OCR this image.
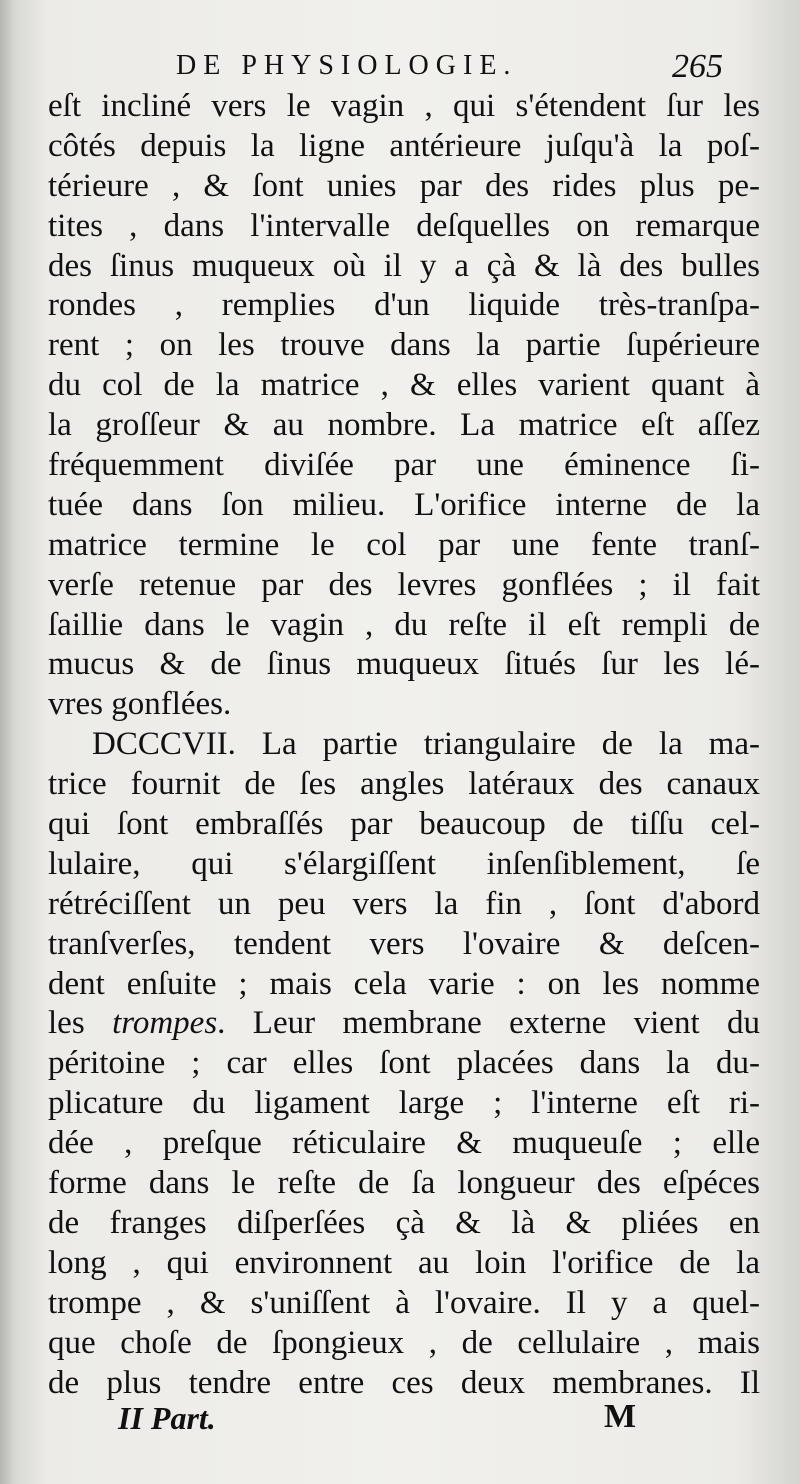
DE PHYSIOLOGIE.	265
eſt incliné vers le vagin , qui s'étendent ſur les
côtés depuis la ligne antérieure juſqu'à la poſ-
térieure , & ſont unies par des rides plus pe-
tites , dans l'intervalle deſquelles on remarque
des ſinus muqueux où il y a çà & là des bulles
rondes , remplies d'un liquide très-tranſpa-
rent ; on les trouve dans la partie ſupérieure
du col de la matrice , & elles varient quant à
la groſſeur & au nombre. La matrice eſt aſſez
fréquemment diviſée par une éminence ſi-
tuée dans ſon milieu. L'orifice interne de la
matrice termine le col par une fente tranſ-
verſe retenue par des levres gonflées ; il fait
ſaillie dans le vagin , du reſte il eſt rempli de
mucus & de ſinus muqueux ſitués ſur les lé-
vres gonflées.
DCCCVII. La partie triangulaire de la ma-
trice fournit de ſes angles latéraux des canaux
qui ſont embraſſés par beaucoup de tiſſu cel-
lulaire, qui s'élargiſſent inſenſiblement, ſe
rétréciſſent un peu vers la fin , ſont d'abord
tranſverſes, tendent vers l'ovaire & deſcen-
dent enſuite ; mais cela varie : on les nomme
les trompes. Leur membrane externe vient du
péritoine ; car elles ſont placées dans la du-
plicature du ligament large ; l'interne eſt ri-
dée , preſque réticulaire & muqueuſe ; elle
forme dans le reſte de ſa longueur des eſpéces
de franges diſperſées çà & là & pliées en
long , qui environnent au loin l'orifice de la
trompe , & s'uniſſent à l'ovaire. Il y a quel-
que choſe de ſpongieux , de cellulaire , mais
de plus tendre entre ces deux membranes. Il
II Part.	M
